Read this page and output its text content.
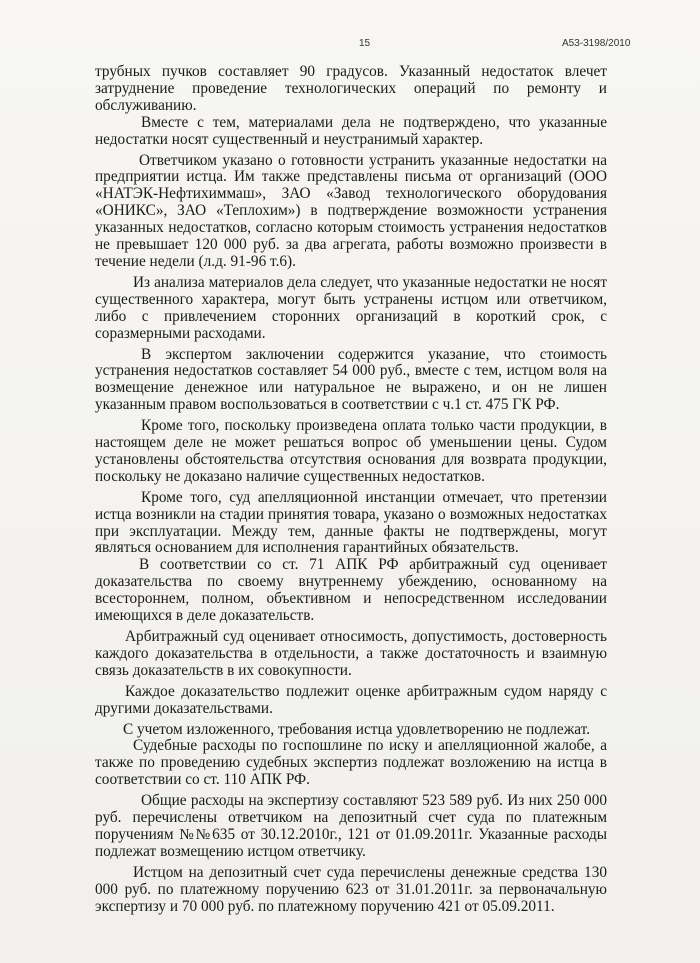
15	А53-3198/2010

трубных пучков составляет 90 градусов. Указанный недостаток влечет затруднение проведение технологических операций по ремонту и обслуживанию.

Вместе с тем, материалами дела не подтверждено, что указанные недостатки носят существенный и неустранимый характер.

Ответчиком указано о готовности устранить указанные недостатки на предприятии истца. Им также представлены письма от организаций (ООО «НАТЭК-Нефтихиммаш», ЗАО «Завод технологического оборудования «ОНИКС», ЗАО «Теплохим») в подтверждение возможности устранения указанных недостатков, согласно которым стоимость устранения недостатков не превышает 120 000 руб. за два агрегата, работы возможно произвести в течение недели (л.д. 91-96 т.6).

Из анализа материалов дела следует, что указанные недостатки не носят существенного характера, могут быть устранены истцом или ответчиком, либо с привлечением сторонних организаций в короткий срок, с соразмерными расходами.

В экспертом заключении содержится указание, что стоимость устранения недостатков составляет 54 000 руб., вместе с тем, истцом воля на возмещение денежное или натуральное не выражено, и он не лишен указанным правом воспользоваться в соответствии с ч.1 ст. 475 ГК РФ.

Кроме того, поскольку произведена оплата только части продукции, в настоящем деле не может решаться вопрос об уменьшении цены. Судом установлены обстоятельства отсутствия основания для возврата продукции, поскольку не доказано наличие существенных недостатков.

Кроме того, суд апелляционной инстанции отмечает, что претензии истца возникли на стадии принятия товара, указано о возможных недостатках при эксплуатации. Между тем, данные факты не подтверждены, могут являться основанием для исполнения гарантийных обязательств.

В соответствии со ст. 71 АПК РФ арбитражный суд оценивает доказательства по своему внутреннему убеждению, основанному на всестороннем, полном, объективном и непосредственном исследовании имеющихся в деле доказательств.

Арбитражный суд оценивает относимость, допустимость, достоверность каждого доказательства в отдельности, а также достаточность и взаимную связь доказательств в их совокупности.

Каждое доказательство подлежит оценке арбитражным судом наряду с другими доказательствами.

С учетом изложенного, требования истца удовлетворению не подлежат.

Судебные расходы по госпошлине по иску и апелляционной жалобе, а также по проведению судебных экспертиз подлежат возложению на истца в соответствии со ст. 110 АПК РФ.

Общие расходы на экспертизу составляют 523 589 руб. Из них 250 000 руб. перечислены ответчиком на депозитный счет суда по платежным поручениям №№635 от 30.12.2010г., 121 от 01.09.2011г. Указанные расходы подлежат возмещению истцом ответчику.

Истцом на депозитный счет суда перечислены денежные средства 130 000 руб. по платежному поручению 623 от 31.01.2011г. за первоначальную экспертизу и 70 000 руб. по платежному поручению 421 от 05.09.2011.
